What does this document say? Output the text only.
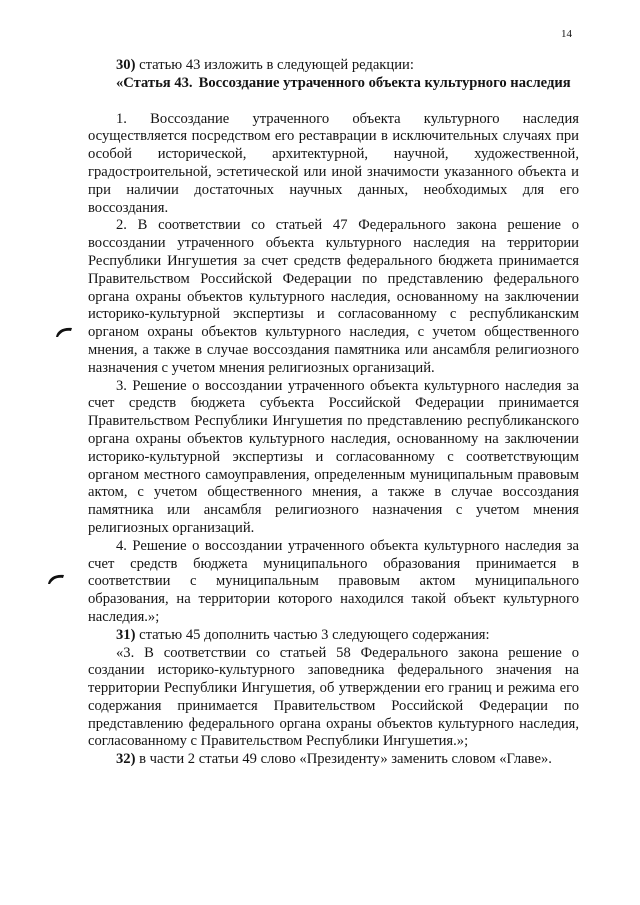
14

30) статью 43 изложить в следующей редакции:

«Статья 43. Воссоздание утраченного объекта культурного наследия

1. Воссоздание утраченного объекта культурного наследия осуществляется посредством его реставрации в исключительных случаях при особой исторической, архитектурной, научной, художественной, градостроительной, эстетической или иной значимости указанного объекта и при наличии достаточных научных данных, необходимых для его воссоздания.

2. В соответствии со статьей 47 Федерального закона решение о воссоздании утраченного объекта культурного наследия на территории Республики Ингушетия за счет средств федерального бюджета принимается Правительством Российской Федерации по представлению федерального органа охраны объектов культурного наследия, основанному на заключении историко-культурной экспертизы и согласованному с республиканским органом охраны объектов культурного наследия, с учетом общественного мнения, а также в случае воссоздания памятника или ансамбля религиозного назначения с учетом мнения религиозных организаций.

3. Решение о воссоздании утраченного объекта культурного наследия за счет средств бюджета субъекта Российской Федерации принимается Правительством Республики Ингушетия по представлению республиканского органа охраны объектов культурного наследия, основанному на заключении историко-культурной экспертизы и согласованному с соответствующим органом местного самоуправления, определенным муниципальным правовым актом, с учетом общественного мнения, а также в случае воссоздания памятника или ансамбля религиозного назначения с учетом мнения религиозных организаций.

4. Решение о воссоздании утраченного объекта культурного наследия за счет средств бюджета муниципального образования принимается в соответствии с муниципальным правовым актом муниципального образования, на территории которого находился такой объект культурного наследия.»;

31) статью 45 дополнить частью 3 следующего содержания:

«3. В соответствии со статьей 58 Федерального закона решение о создании историко-культурного заповедника федерального значения на территории Республики Ингушетия, об утверждении его границ и режима его содержания принимается Правительством Российской Федерации по представлению федерального органа охраны объектов культурного наследия, согласованному с Правительством Республики Ингушетия.»;

32) в части 2 статьи 49 слово «Президенту» заменить словом «Главе».
